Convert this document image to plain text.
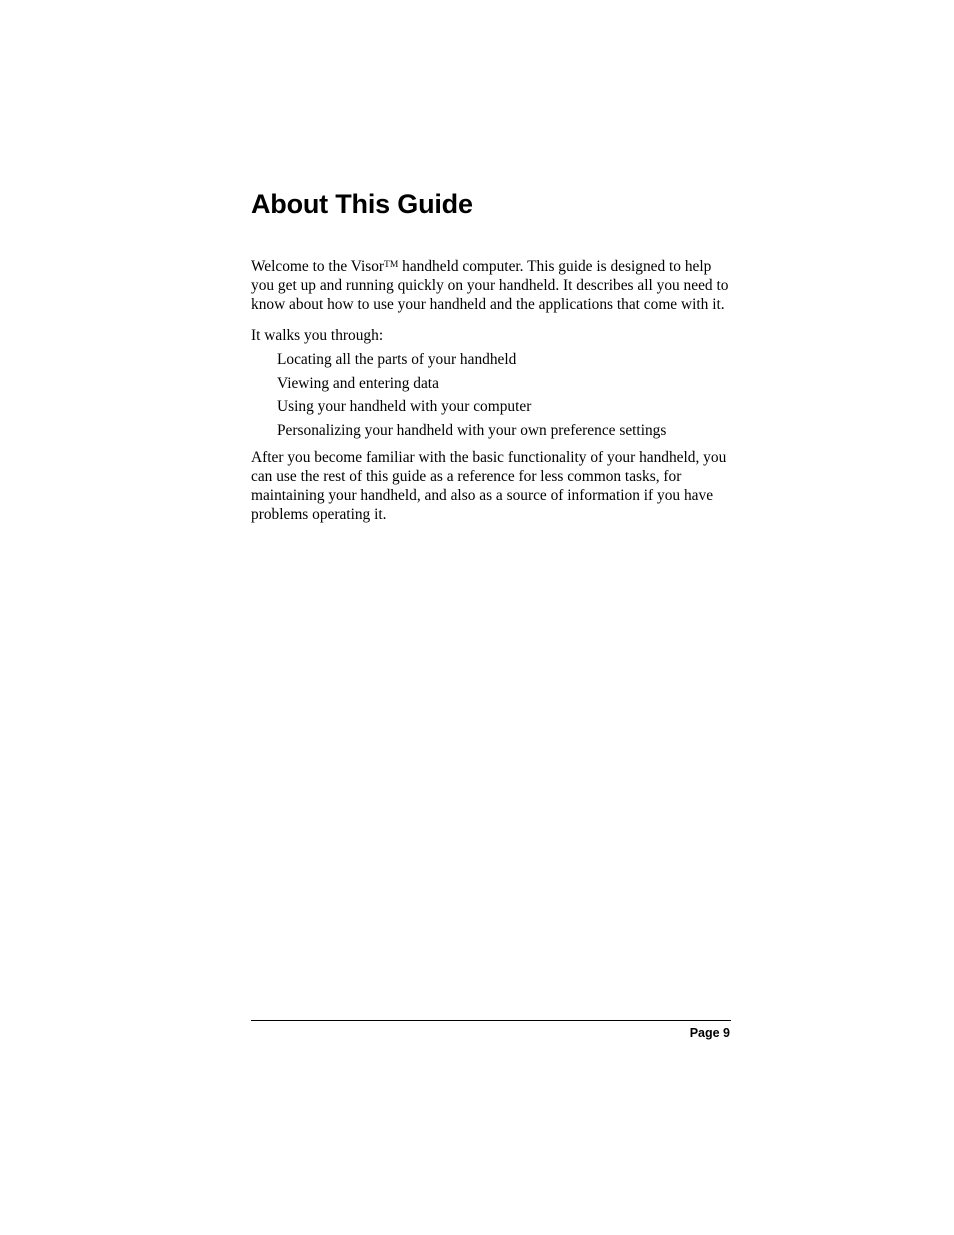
About This Guide

Welcome to the Visor™ handheld computer. This guide is designed to help you get up and running quickly on your handheld. It describes all you need to know about how to use your handheld and the applications that come with it.

It walks you through:

Locating all the parts of your handheld
Viewing and entering data
Using your handheld with your computer
Personalizing your handheld with your own preference settings

After you become familiar with the basic functionality of your handheld, you can use the rest of this guide as a reference for less common tasks, for maintaining your handheld, and also as a source of information if you have problems operating it.

Page 9
